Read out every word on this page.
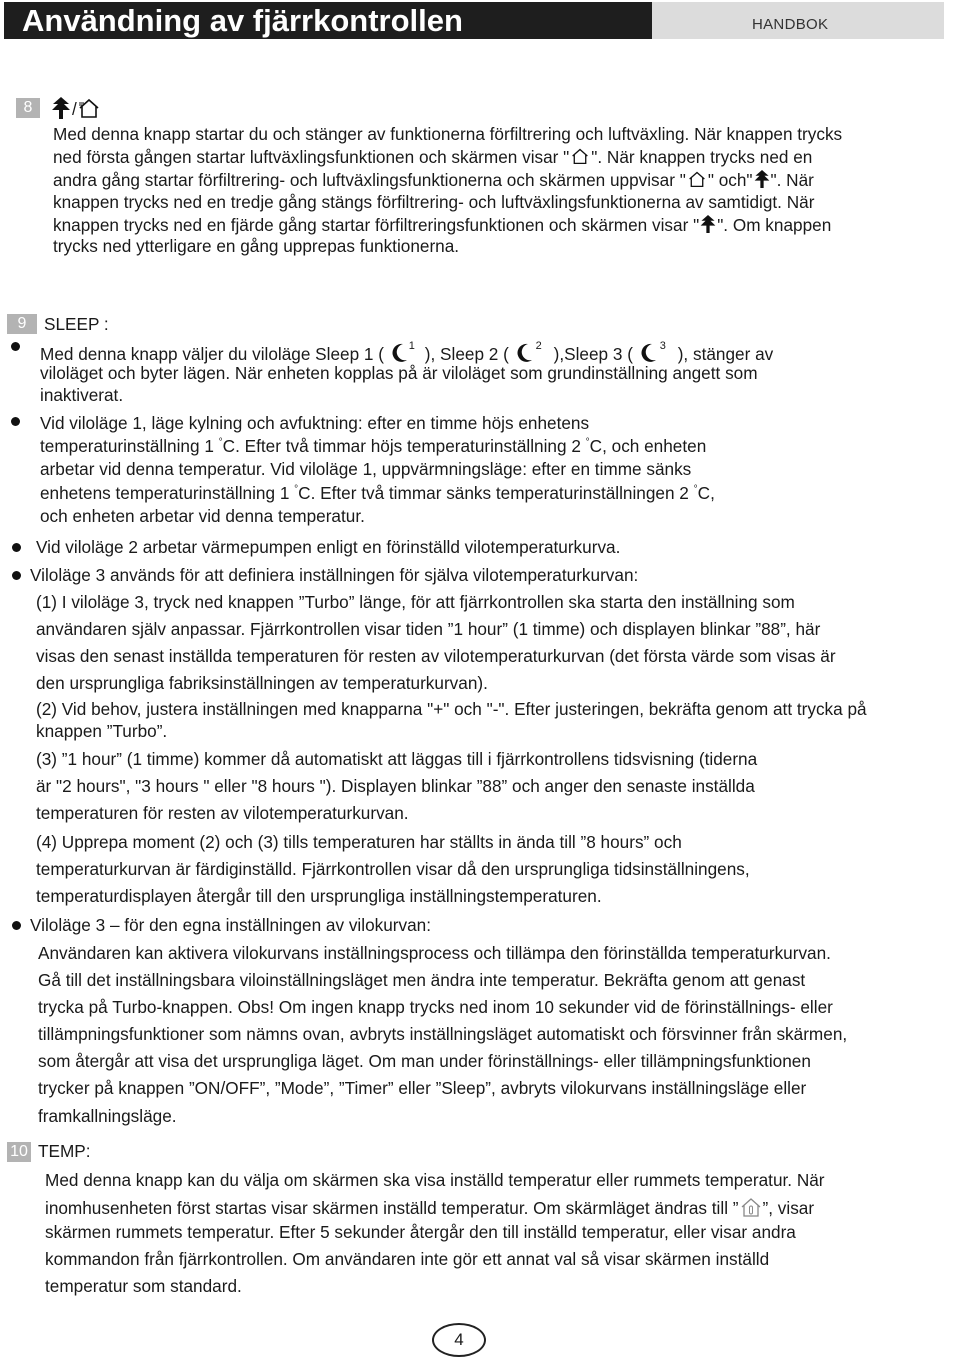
Användning av fjärrkontrollen	HANDBOK
8	/
Med denna knapp startar du och stänger av funktionerna förfiltrering och luftväxling. När knappen trycks
ned första gången startar luftväxlingsfunktionen och skärmen visar " ". När knappen trycks ned en
andra gång startar förfiltrering- och luftväxlingsfunktionerna och skärmen uppvisar " " och" ". När
knappen trycks ned en tredje gång stängs förfiltrering- och luftväxlingsfunktionerna av samtidigt. När
knappen trycks ned en fjärde gång startar förfiltreringsfunktionen och skärmen visar " ". Om knappen
trycks ned ytterligare en gång upprepas funktionerna.
9	SLEEP :
Med denna knapp väljer du viloläge Sleep 1 ( 1 ), Sleep 2 ( 2 ),Sleep 3 ( 3 ), stänger av
viloläget och byter lägen. När enheten kopplas på är viloläget som grundinställning angett som
inaktiverat.
Vid viloläge 1, läge kylning och avfuktning: efter en timme höjs enhetens
temperaturinställning 1 °C. Efter två timmar höjs temperaturinställning 2 °C, och enheten
arbetar vid denna temperatur. Vid viloläge 1, uppvärmningsläge: efter en timme sänks
enhetens temperaturinställning 1 °C. Efter två timmar sänks temperaturinställningen 2 °C,
och enheten arbetar vid denna temperatur.
Vid viloläge 2 arbetar värmepumpen enligt en förinställd vilotemperaturkurva.
Viloläge 3 används för att definiera inställningen för själva vilotemperaturkurvan:
(1) I viloläge 3, tryck ned knappen ”Turbo” länge, för att fjärrkontrollen ska starta den inställning som
användaren själv anpassar. Fjärrkontrollen visar tiden ”1 hour” (1 timme) och displayen blinkar ”88”, här
visas den senast inställda temperaturen för resten av vilotemperaturkurvan (det första värde som visas är
den ursprungliga fabriksinställningen av temperaturkurvan).
(2) Vid behov, justera inställningen med knapparna "+" och "-". Efter justeringen, bekräfta genom att trycka på
knappen ”Turbo”.
(3) ”1 hour” (1 timme) kommer då automatiskt att läggas till i fjärrkontrollens tidsvisning (tiderna
är "2 hours", "3 hours " eller "8 hours "). Displayen blinkar ”88” och anger den senaste inställda
temperaturen för resten av vilotemperaturkurvan.
(4) Upprepa moment (2) och (3) tills temperaturen har ställts in ända till ”8 hours” och
temperaturkurvan är färdiginställd. Fjärrkontrollen visar då den ursprungliga tidsinställningens,
temperaturdisplayen återgår till den ursprungliga inställningstemperaturen.
Viloläge 3 – för den egna inställningen av vilokurvan:
Användaren kan aktivera vilokurvans inställningsprocess och tillämpa den förinställda temperaturkurvan.
Gå till det inställningsbara viloinställningsläget men ändra inte temperatur. Bekräfta genom att genast
trycka på Turbo-knappen. Obs! Om ingen knapp trycks ned inom 10 sekunder vid de förinställnings- eller
tillämpningsfunktioner som nämns ovan, avbryts inställningsläget automatiskt och försvinner från skärmen,
som återgår att visa det ursprungliga läget. Om man under förinställnings- eller tillämpningsfunktionen
trycker på knappen ”ON/OFF”, ”Mode”, ”Timer” eller ”Sleep”, avbryts vilokurvans inställningsläge eller
framkallningsläge.
10 TEMP:
Med denna knapp kan du välja om skärmen ska visa inställd temperatur eller rummets temperatur. När
inomhusenheten först startas visar skärmen inställd temperatur. Om skärmläget ändras till ” ”, visar
skärmen rummets temperatur. Efter 5 sekunder återgår den till inställd temperatur, eller visar andra
kommandon från fjärrkontrollen. Om användaren inte gör ett annat val så visar skärmen inställd
temperatur som standard.
4
